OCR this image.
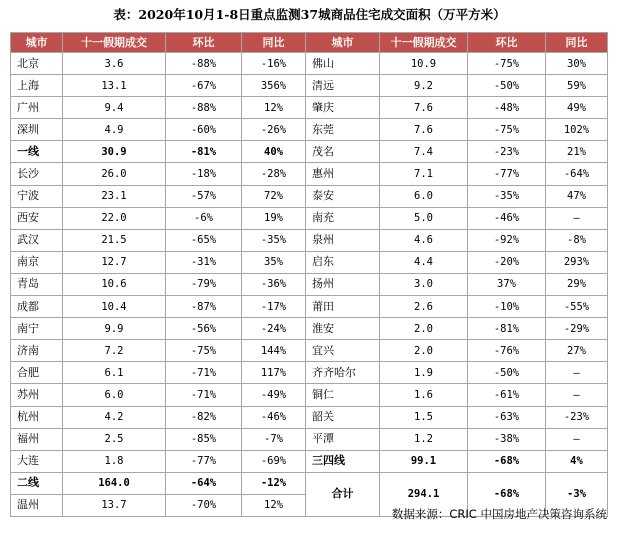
表：2020年10月1-8日重点监测37城商品住宅成交面积（万平方米）
城市	十一假期成交	环比	同比	城市	十一假期成交	环比	同比
北京	3.6	-88%	-16%	佛山	10.9	-75%	30%
上海	13.1	-67%	356%	清远	9.2	-50%	59%
广州	9.4	-88%	12%	肇庆	7.6	-48%	49%
深圳	4.9	-60%	-26%	东莞	7.6	-75%	102%
一线	30.9	-81%	40%	茂名	7.4	-23%	21%
长沙	26.0	-18%	-28%	惠州	7.1	-77%	-64%
宁波	23.1	-57%	72%	泰安	6.0	-35%	47%
西安	22.0	-6%	19%	南充	5.0	-46%	—
武汉	21.5	-65%	-35%	泉州	4.6	-92%	-8%
南京	12.7	-31%	35%	启东	4.4	-20%	293%
青岛	10.6	-79%	-36%	扬州	3.0	37%	29%
成都	10.4	-87%	-17%	莆田	2.6	-10%	-55%
南宁	9.9	-56%	-24%	淮安	2.0	-81%	-29%
济南	7.2	-75%	144%	宜兴	2.0	-76%	27%
合肥	6.1	-71%	117%	齐齐哈尔	1.9	-50%	—
苏州	6.0	-71%	-49%	铜仁	1.6	-61%	—
杭州	4.2	-82%	-46%	韶关	1.5	-63%	-23%
福州	2.5	-85%	-7%	平潭	1.2	-38%	—
大连	1.8	-77%	-69%	三四线	99.1	-68%	4%
二线	164.0	-64%	-12%	合计	294.1	-68%	-3%
温州	13.7	-70%	12%				
数据来源：CRIC 中国房地产决策咨询系统
